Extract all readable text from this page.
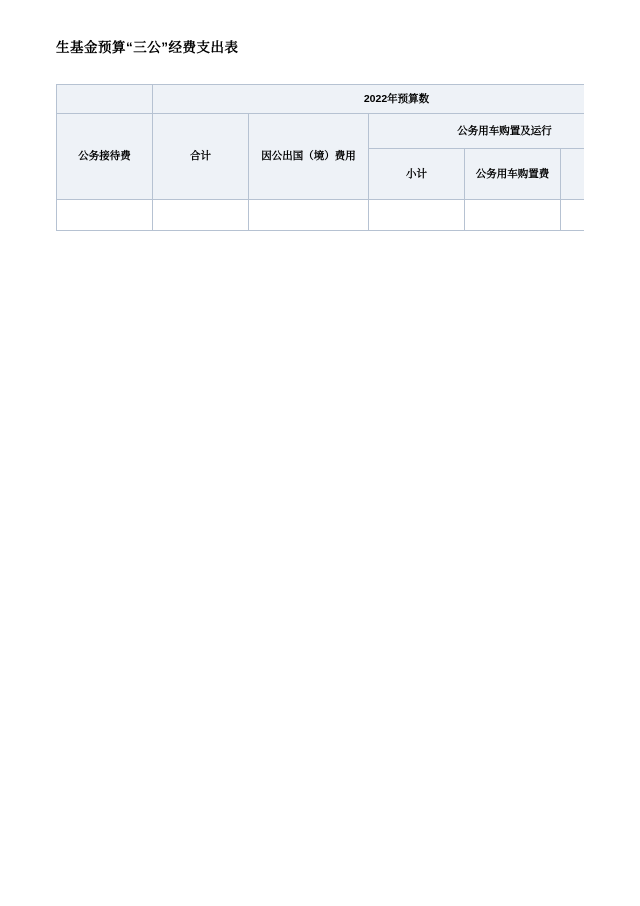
生基金预算“三公”经费支出表
	2022年预算数				
公务接待费	合计	因公出国（境）费用	公务用车购置及运行		
			小计	公务用车购置费	
